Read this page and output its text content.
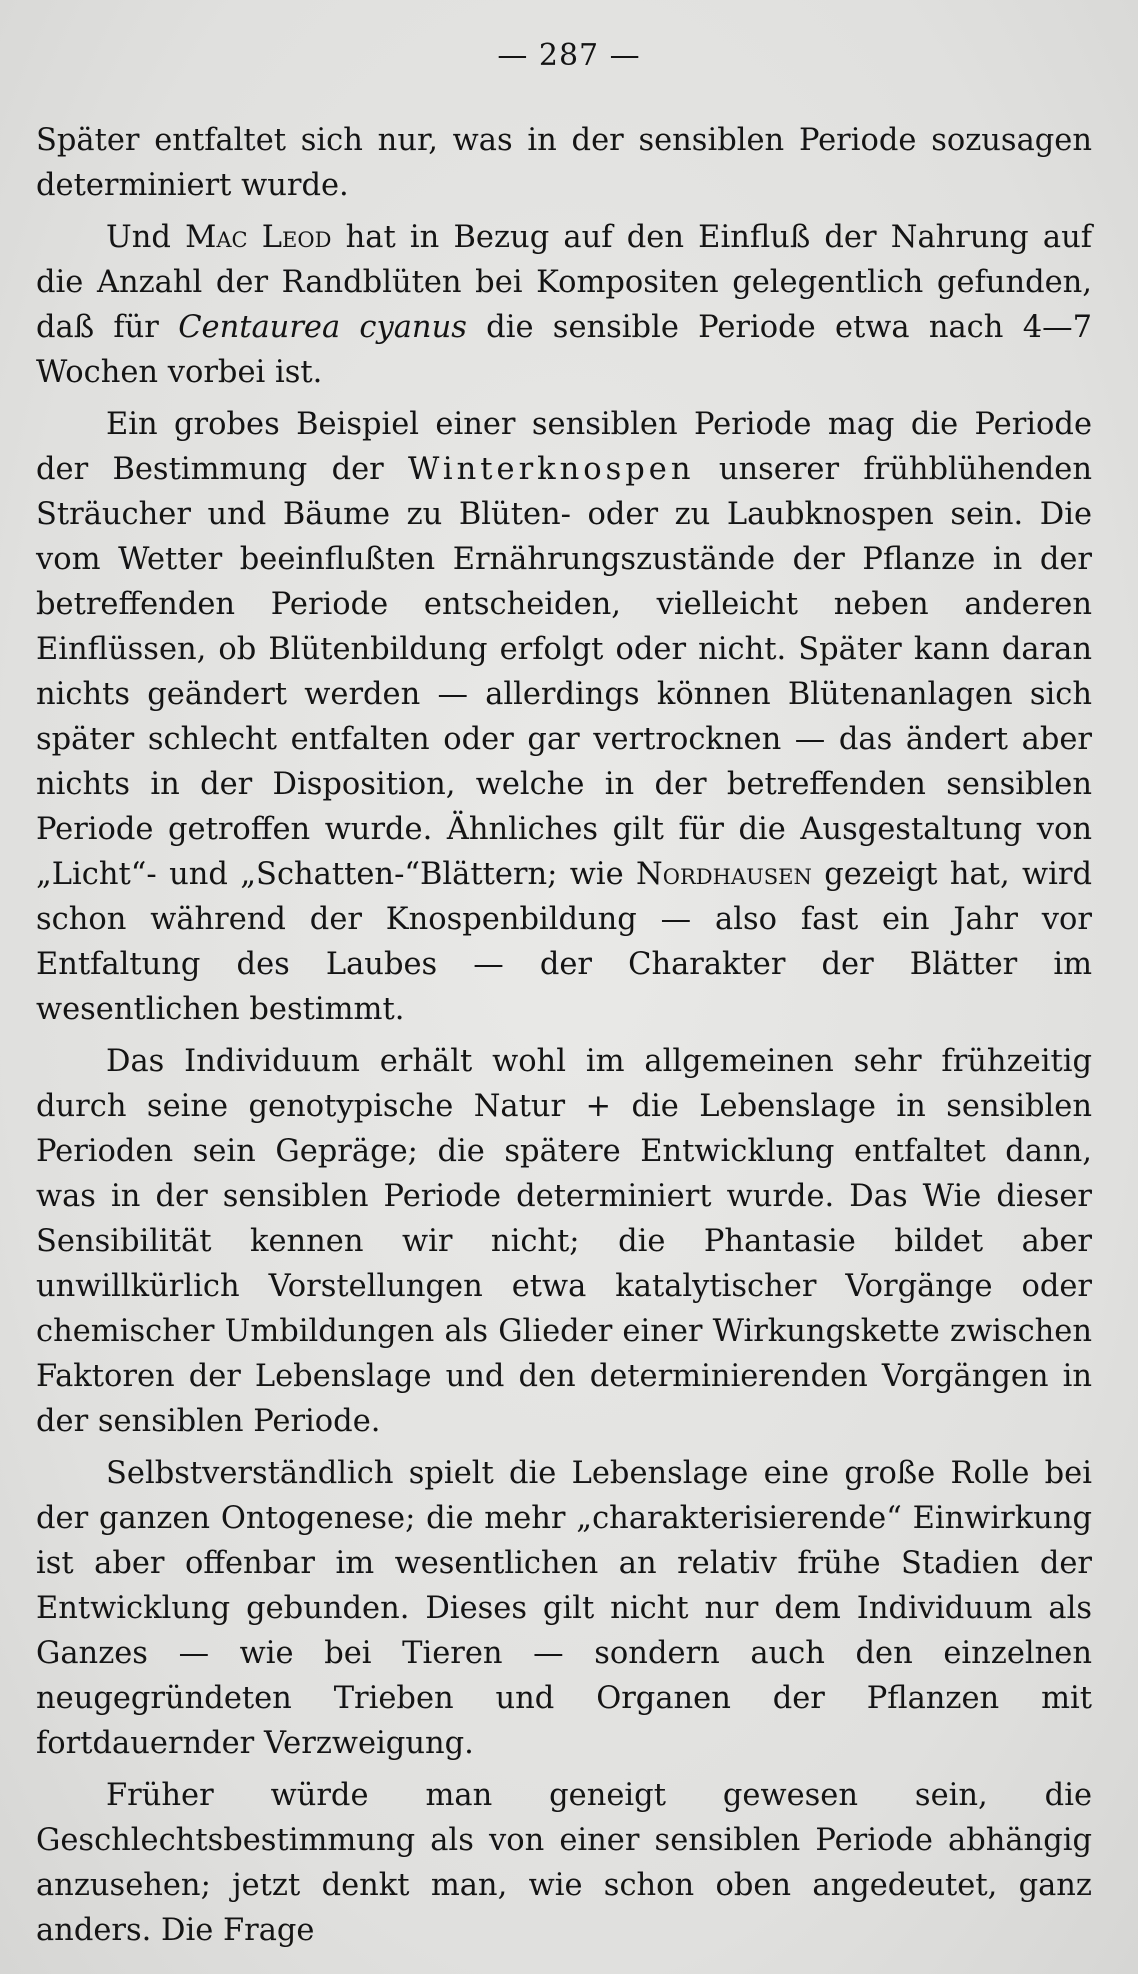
— 287 —

Später entfaltet sich nur, was in der sensiblen Periode sozusagen determiniert wurde.

Und Mac Leod hat in Bezug auf den Einfluß der Nahrung auf die Anzahl der Randblüten bei Kompositen gelegentlich gefunden, daß für Centaurea cyanus die sensible Periode etwa nach 4—7 Wochen vorbei ist.

Ein grobes Beispiel einer sensiblen Periode mag die Periode der Bestimmung der Winterknospen unserer frühblühenden Sträucher und Bäume zu Blüten- oder zu Laubknospen sein. Die vom Wetter beeinflußten Ernährungszustände der Pflanze in der betreffenden Periode entscheiden, vielleicht neben anderen Einflüssen, ob Blütenbildung erfolgt oder nicht. Später kann daran nichts geändert werden — allerdings können Blütenanlagen sich später schlecht entfalten oder gar vertrocknen — das ändert aber nichts in der Disposition, welche in der betreffenden sensiblen Periode getroffen wurde. Ähnliches gilt für die Ausgestaltung von „Licht“- und „Schatten-“Blättern; wie Nordhausen gezeigt hat, wird schon während der Knospenbildung — also fast ein Jahr vor Entfaltung des Laubes — der Charakter der Blätter im wesentlichen bestimmt.

Das Individuum erhält wohl im allgemeinen sehr frühzeitig durch seine genotypische Natur + die Lebenslage in sensiblen Perioden sein Gepräge; die spätere Entwicklung entfaltet dann, was in der sensiblen Periode determiniert wurde. Das Wie dieser Sensibilität kennen wir nicht; die Phantasie bildet aber unwillkürlich Vorstellungen etwa katalytischer Vorgänge oder chemischer Umbildungen als Glieder einer Wirkungskette zwischen Faktoren der Lebenslage und den determinierenden Vorgängen in der sensiblen Periode.

Selbstverständlich spielt die Lebenslage eine große Rolle bei der ganzen Ontogenese; die mehr „charakterisierende“ Einwirkung ist aber offenbar im wesentlichen an relativ frühe Stadien der Entwicklung gebunden. Dieses gilt nicht nur dem Individuum als Ganzes — wie bei Tieren — sondern auch den einzelnen neugegründeten Trieben und Organen der Pflanzen mit fortdauernder Verzweigung.

Früher würde man geneigt gewesen sein, die Geschlechtsbestimmung als von einer sensiblen Periode abhängig anzusehen; jetzt denkt man, wie schon oben angedeutet, ganz anders. Die Frage
